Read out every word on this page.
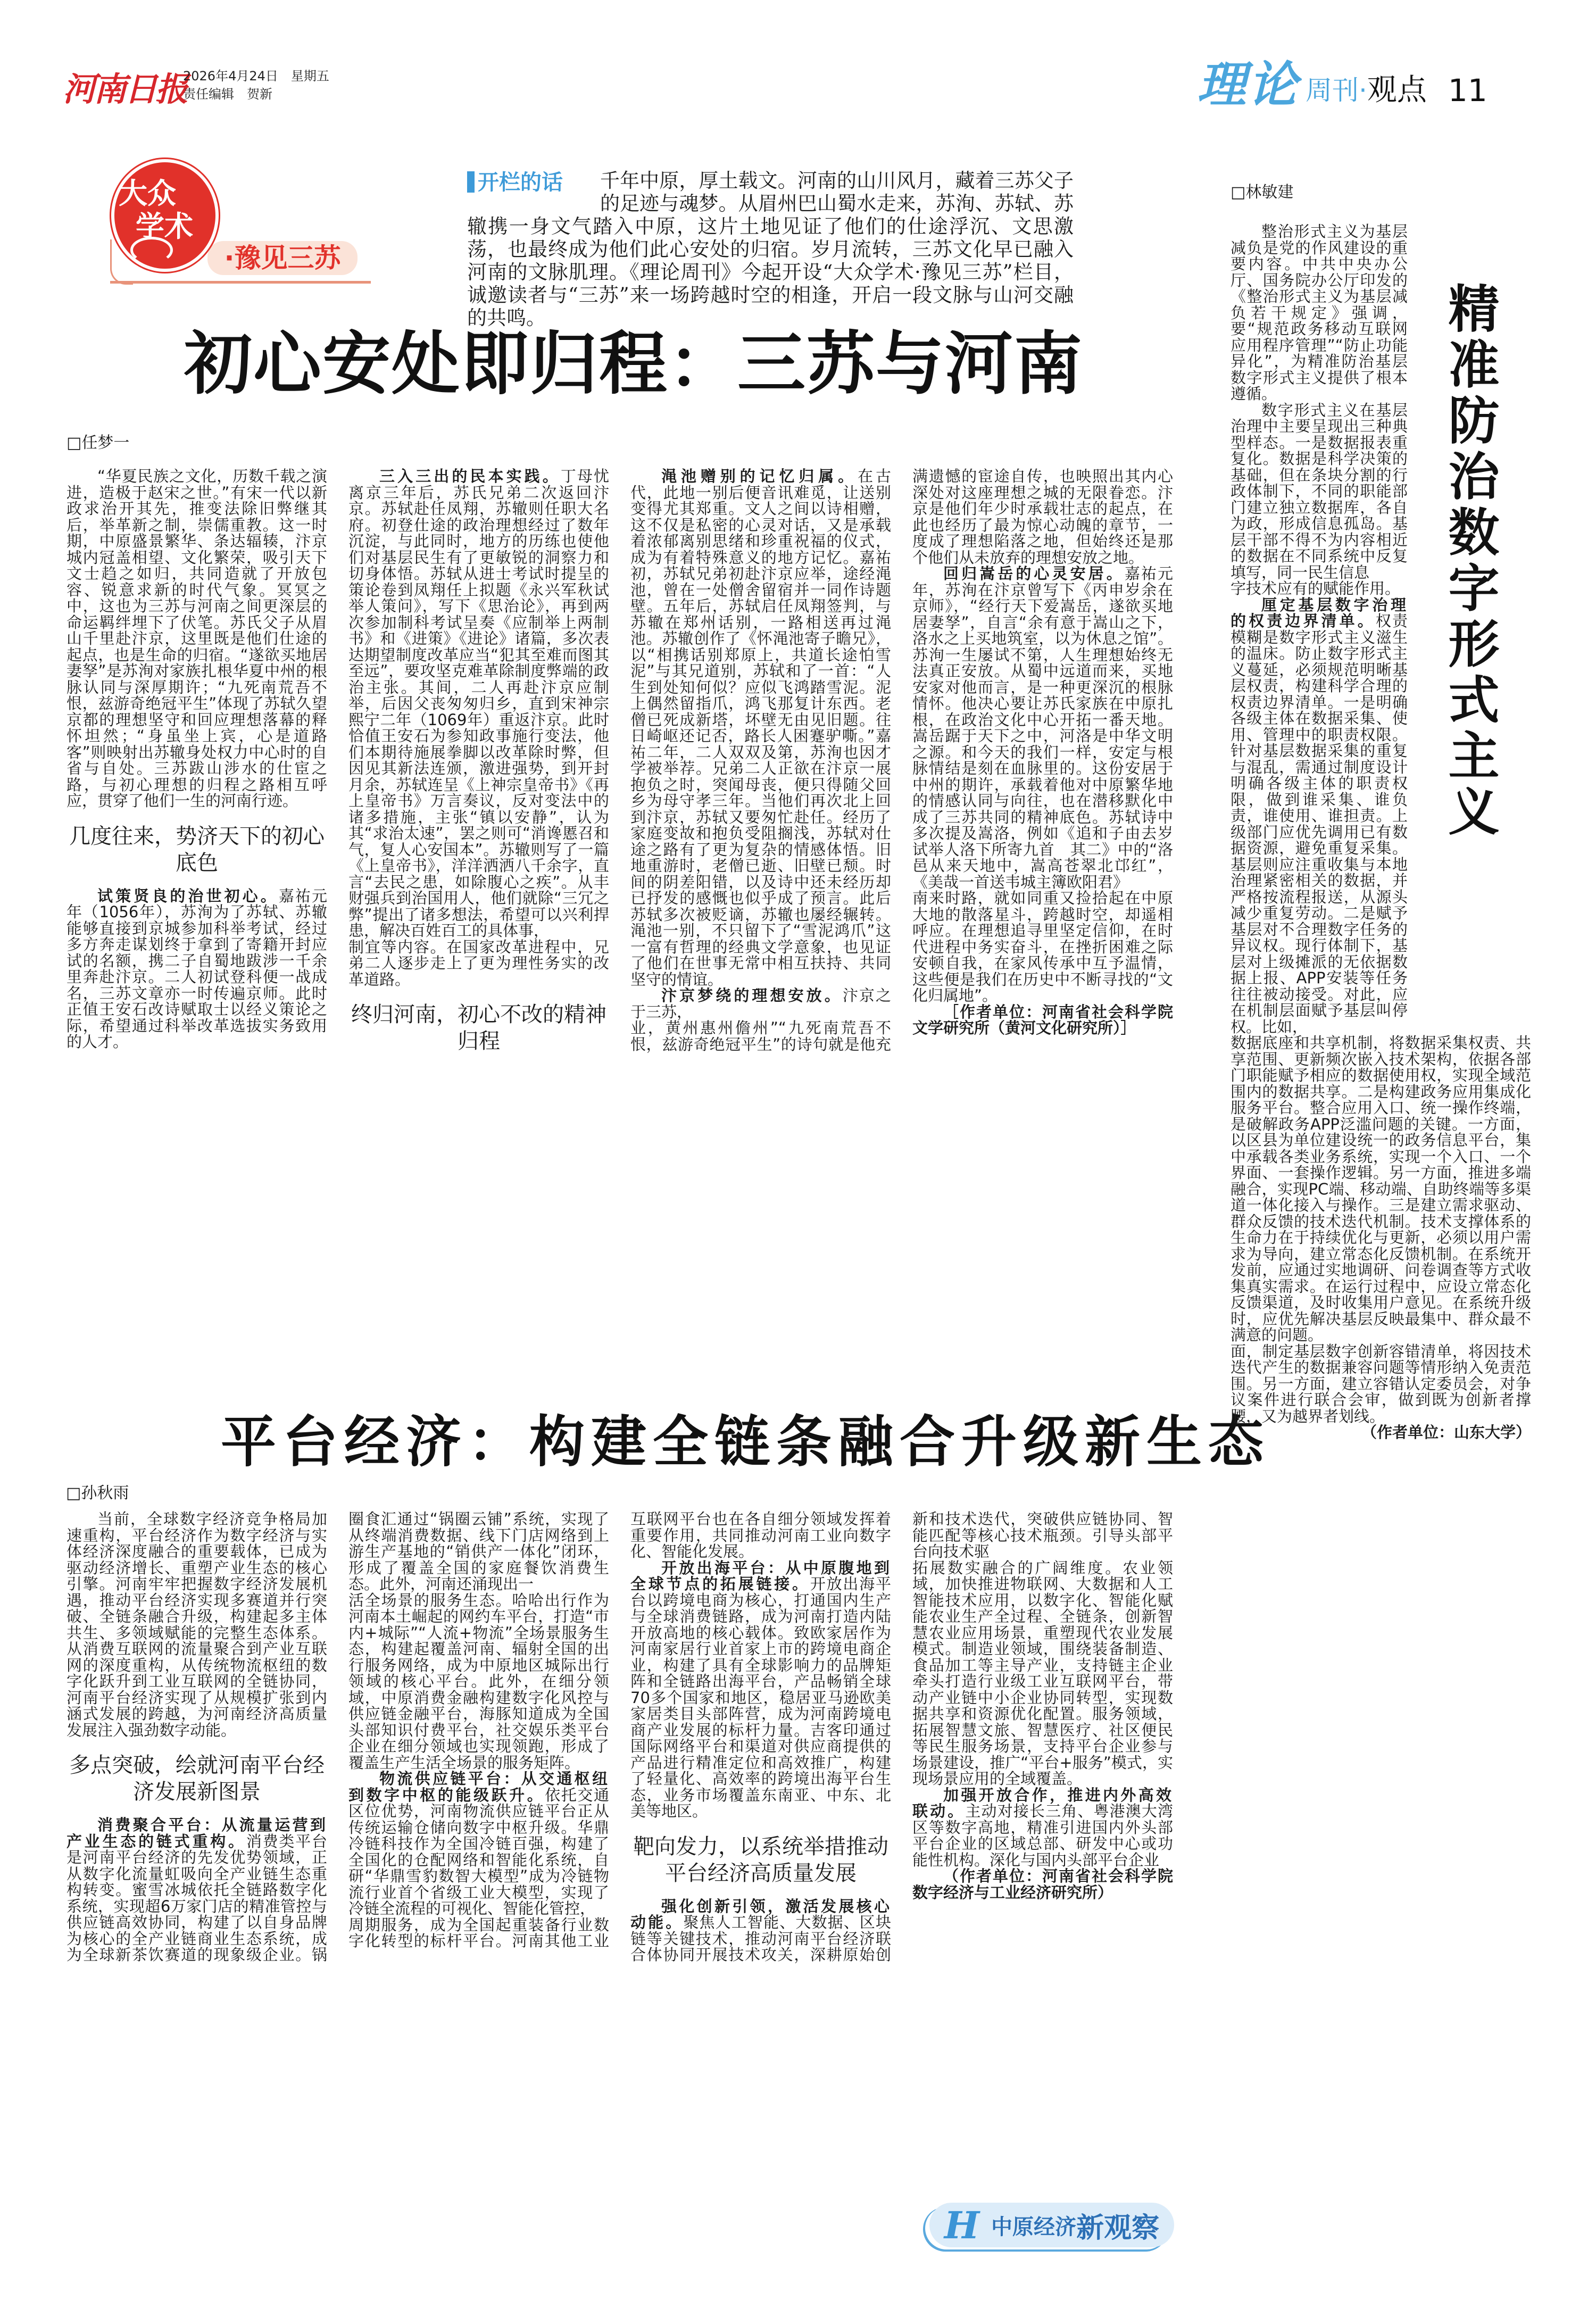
河南日报
2026年4月24日　星期五
责任编辑　贺新	理论 周刊· 观点 11
·豫见三苏
大众
学术
开栏的话	千年中原，厚土载文。河南的山川风月，藏着三苏父子的足迹与魂梦。从眉州巴山蜀水走来，苏洵、苏轼、苏辙携一身文气踏入中原，这片土地见证了他们的仕途浮沉、文思激荡，也最终成为他们此心安处的归宿。岁月流转，三苏文化早已融入河南的文脉肌理。《理论周刊》今起开设“大众学术·豫见三苏”栏目，诚邀读者与“三苏”来一场跨越时空的相逢，开启一段文脉与山河交融的共鸣。
初心安处即归程：三苏与河南
□任梦一

“华夏民族之文化，历数千载之演进，造极于赵宋之世。”有宋一代以新政求治开其先，推变法除旧弊继其后，举革新之制，崇儒重教。这一时期，中原盛景繁华、条达辐辏，汴京城内冠盖相望、文化繁荣，吸引天下文士趋之如归，共同造就了开放包容、锐意求新的时代气象。冥冥之中，这也为三苏与河南之间更深层的命运羁绊埋下了伏笔。苏氏父子从眉山千里赴汴京，这里既是他们仕途的起点，也是生命的归宿。“遂欲买地居妻孥”是苏洵对家族扎根华夏中州的根脉认同与深厚期许；“九死南荒吾不恨，兹游奇绝冠平生”体现了苏轼久望京都的理想坚守和回应理想落幕的释怀坦然；“身虽坐上宾，心是道路客”则映射出苏辙身处权力中心时的自省与自处。三苏跋山涉水的仕宦之路，与初心理想的归程之路相互呼应，贯穿了他们一生的河南行迹。

几度往来，势济天下的初心底色

试策贤良的治世初心。嘉祐元年（1056年），苏洵为了苏轼、苏辙能够直接到京城参加科举考试，经过多方奔走谋划终于拿到了寄籍开封应试的名额，携二子自蜀地跋涉一千余里奔赴汴京。二人初试登科便一战成名，三苏文章亦一时传遍京师。此时正值王安石改诗赋取士以经义策论之际，希望通过科举改革选拔实务致用的人才。

三入三出的民本实践。丁母忧离京三年后，苏氏兄弟二次返回汴京。苏轼赴任凤翔，苏辙则任职大名府。初登仕途的政治理想经过了数年沉淀，与此同时，地方的历练也使他们对基层民生有了更敏锐的洞察力和切身体悟。苏轼从进士考试时提呈的策论卷到凤翔任上拟题《永兴军秋试举人策问》，写下《思治论》，再到两次参加制科考试呈奏《应制举上两制书》和《进策》《进论》诸篇，多次表达期望制度改革应当“犯其至难而图其至远”，要攻坚克难革除制度弊端的政治主张。其间，二人再赴汴京应制举，后因父丧匆匆归乡，直到宋神宗熙宁二年（1069年）重返汴京。此时恰值王安石为参知政事施行变法，他们本期待施展拳脚以改革除时弊，但因见其新法连颁，激进强势，到开封月余，苏轼连呈《上神宗皇帝书》《再上皇帝书》万言奏议，反对变法中的诸多措施，主张“镇以安静”，认为其“求治太速”，罢之则可“消谗慝召和气，复人心安国本”。苏辙则写了一篇《上皇帝书》，洋洋洒洒八千余字，直言“去民之患，如除腹心之疾”。从丰财强兵到治国用人，他们就除“三冗之弊”提出了诸多想法，希望可以兴利捍患，解决百姓百工的具体事，

制宜等内容。在国家改革进程中，兄弟二人逐步走上了更为理性务实的改革道路。

终归河南，初心不改的精神归程

渑池赠别的记忆归属。在古代，此地一别后便音讯难觅，让送别变得尤其郑重。文人之间以诗相赠，这不仅是私密的心灵对话，又是承载着浓郁离别思绪和珍重祝福的仪式，成为有着特殊意义的地方记忆。嘉祐初，苏轼兄弟初赴汴京应举，途经渑池，曾在一处僧舍留宿并一同作诗题壁。五年后，苏轼启任凤翔签判，与苏辙在郑州话别，一路相送再过渑池。苏辙创作了《怀渑池寄子瞻兄》，以“相携话别郑原上，共道长途怕雪泥”与其兄道别，苏轼和了一首：“人生到处知何似？应似飞鸿踏雪泥。泥上偶然留指爪，鸿飞那复计东西。老僧已死成新塔，坏壁无由见旧题。往日崎岖还记否，路长人困蹇驴嘶。”嘉祐二年，二人双双及第，苏洵也因才学被举荐。兄弟二人正欲在汴京一展抱负之时，突闻母丧，便只得随父回乡为母守孝三年。当他们再次北上回到汴京，苏轼又要匆忙赴任。经历了家庭变故和抱负受阻搁浅，苏轼对仕途之路有了更为复杂的情感体悟。旧地重游时，老僧已逝、旧壁已颓。时间的阴差阳错，以及诗中还未经历却已抒发的感慨也似乎成了预言。此后苏轼多次被贬谪，苏辙也屡经辗转。渑池一别，不只留下了“雪泥鸿爪”这一富有哲理的经典文学意象，也见证了他们在世事无常中相互扶持、共同坚守的情谊。

汴京梦绕的理想安放。汴京之于三苏，

业，黄州惠州儋州”“九死南荒吾不恨，兹游奇绝冠平生”的诗句就是他充满遗憾的宦途自传，也映照出其内心深处对这座理想之城的无限眷恋。汴京是他们年少时承载壮志的起点，在此也经历了最为惊心动魄的章节，一度成了理想陷落之地，但始终还是那个他们从未放弃的理想安放之地。

回归嵩岳的心灵安居。嘉祐元年，苏洵在汴京曾写下《丙申岁余在京师》，“经行天下爱嵩岳，遂欲买地居妻孥”，自言“余有意于嵩山之下，洛水之上买地筑室，以为休息之馆”。苏洵一生屡试不第，人生理想始终无法真正安放。从蜀中远道而来，买地安家对他而言，是一种更深沉的根脉情怀。他决心要让苏氏家族在中原扎根，在政治文化中心开拓一番天地。嵩岳踞于天下之中，河洛是中华文明之源。和今天的我们一样，安定与根脉情结是刻在血脉里的。这份安居于中州的期许，承载着他对中原繁华地的情感认同与向往，也在潜移默化中成了三苏共同的精神底色。苏轼诗中多次提及嵩洛，例如《追和子由去岁试举人洛下所寄九首　其二》中的“洛邑从来天地中，嵩高苍翠北邙红”，《美哉一首送韦城主簿欧阳君》

南来时路，就如同重又捡拾起在中原大地的散落星斗，跨越时空，却遥相呼应。在理想追寻里坚定信仰，在时代进程中务实奋斗，在挫折困难之际安顿自我，在家风传承中互予温情，这些便是我们在历史中不断寻找的“文化归属地”。

［作者单位：河南省社会科学院文学研究所（黄河文化研究所）］

平台经济：构建全链条融合升级新生态
□孙秋雨

当前，全球数字经济竞争格局加速重构，平台经济作为数字经济与实体经济深度融合的重要载体，已成为驱动经济增长、重塑产业生态的核心引擎。河南牢牢把握数字经济发展机遇，推动平台经济实现多赛道并行突破、全链条融合升级，构建起多主体共生、多领域赋能的完整生态体系。从消费互联网的流量聚合到产业互联网的深度重构，从传统物流枢纽的数字化跃升到工业互联网的全链协同，河南平台经济实现了从规模扩张到内涵式发展的跨越，为河南经济高质量发展注入强劲数字动能。

多点突破，绘就河南平台经济发展新图景

消费聚合平台：从流量运营到产业生态的链式重构。消费类平台是河南平台经济的先发优势领域，正从数字化流量虹吸向全产业链生态重构转变。蜜雪冰城依托全链路数字化系统，实现超6万家门店的精准管控与供应链高效协同，构建了以自身品牌为核心的全产业链商业生态系统，成为全球新茶饮赛道的现象级企业。锅圈食汇通过“锅圈云铺”系统，实现了从终端消费数据、线下门店网络到上游生产基地的“销供产一体化”闭环，形成了覆盖全国的家庭餐饮消费生态。此外，河南还涌现出一

活全场景的服务生态。哈哈出行作为河南本土崛起的网约车平台，打造“市内+城际”“人流+物流”全场景服务生态，构建起覆盖河南、辐射全国的出行服务网络，成为中原地区城际出行领域的核心平台。此外，在细分领域，中原消费金融构建数字化风控与供应链金融平台，海豚知道成为全国头部知识付费平台，社交娱乐类平台企业在细分领域也实现领跑，形成了覆盖生产生活全场景的服务矩阵。

物流供应链平台：从交通枢纽到数字中枢的能级跃升。依托交通区位优势，河南物流供应链平台正从传统运输仓储向数字中枢升级。华鼎冷链科技作为全国冷链百强，构建了全国化的仓配网络和智能化系统，自研“华鼎雪豹数智大模型”成为冷链物流行业首个省级工业大模型，实现了冷链全流程的可视化、智能化管控，

周期服务，成为全国起重装备行业数字化转型的标杆平台。河南其他工业互联网平台也在各自细分领域发挥着重要作用，共同推动河南工业向数字化、智能化发展。

开放出海平台：从中原腹地到全球节点的拓展链接。开放出海平台以跨境电商为核心，打通国内生产与全球消费链路，成为河南打造内陆开放高地的核心载体。致欧家居作为河南家居行业首家上市的跨境电商企业，构建了具有全球影响力的品牌矩阵和全链路出海平台，产品畅销全球70多个国家和地区，稳居亚马逊欧美家居类目头部阵营，成为河南跨境电商产业发展的标杆力量。吉客印通过国际网络平台和渠道对供应商提供的产品进行精准定位和高效推广，构建了轻量化、高效率的跨境出海平台生态，业务市场覆盖东南亚、中东、北美等地区。

靶向发力，以系统举措推动平台经济高质量发展

强化创新引领，激活发展核心动能。聚焦人工智能、大数据、区块链等关键技术，推动河南平台经济联合体协同开展技术攻关，深耕原始创新和技术迭代，突破供应链协同、智能匹配等核心技术瓶颈。引导头部平台向技术驱

拓展数实融合的广阔维度。农业领域，加快推进物联网、大数据和人工智能技术应用，以数字化、智能化赋能农业生产全过程、全链条，创新智慧农业应用场景，重塑现代农业发展模式。制造业领域，围绕装备制造、食品加工等主导产业，支持链主企业牵头打造行业级工业互联网平台，带动产业链中小企业协同转型，实现数据共享和资源优化配置。服务领域，拓展智慧文旅、智慧医疗、社区便民等民生服务场景，支持平台企业参与场景建设，推广“平台+服务”模式，实现场景应用的全域覆盖。

加强开放合作，推进内外高效联动。主动对接长三角、粤港澳大湾区等数字高地，精准引进国内外头部平台企业的区域总部、研发中心或功能性机构。深化与国内头部平台企业

（作者单位：河南省社会科学院数字经济与工业经济研究所）

H 中原经济 新观察
□林敏建
精准防治数字形式主义

整治形式主义为基层减负是党的作风建设的重要内容。中共中央办公厅、国务院办公厅印发的《整治形式主义为基层减负若干规定》强调，要“规范政务移动互联网应用程序管理”“防止功能异化”，为精准防治基层数字形式主义提供了根本遵循。

数字形式主义在基层治理中主要呈现出三种典型样态。一是数据报表重复化。数据是科学决策的基础，但在条块分割的行政体制下，不同的职能部门建立独立数据库，各自为政，形成信息孤岛。基层干部不得不为内容相近的数据在不同系统中反复填写，同一民生信息

字技术应有的赋能作用。

厘定基层数字治理的权责边界清单。权责模糊是数字形式主义滋生的温床。防止数字形式主义蔓延，必须规范明晰基层权责，构建科学合理的权责边界清单。一是明确各级主体在数据采集、使用、管理中的职责权限。针对基层数据采集的重复与混乱，需通过制度设计明确各级主体的职责权限，做到谁采集、谁负责，谁使用、谁担责。上级部门应优先调用已有数据资源，避免重复采集。基层则应注重收集与本地治理紧密相关的数据，并严格按流程报送，从源头减少重复劳动。二是赋予基层对不合理数字任务的异议权。现行体制下，基层对上级摊派的无依据数据上报、APP安装等任务往往被动接受。对此，应在机制层面赋予基层叫停权。比如，

数据底座和共享机制，将数据采集权责、共享范围、更新频次嵌入技术架构，依据各部门职能赋予相应的数据使用权，实现全域范围内的数据共享。二是构建政务应用集成化服务平台。整合应用入口、统一操作终端，是破解政务APP泛滥问题的关键。一方面，以区县为单位建设统一的政务信息平台，集中承载各类业务系统，实现一个入口、一个界面、一套操作逻辑。另一方面，推进多端融合，实现PC端、移动端、自助终端等多渠道一体化接入与操作。三是建立需求驱动、群众反馈的技术迭代机制。技术支撑体系的生命力在于持续优化与更新，必须以用户需求为导向，建立常态化反馈机制。在系统开发前，应通过实地调研、问卷调查等方式收集真实需求。在运行过程中，应设立常态化反馈渠道，及时收集用户意见。在系统升级时，应优先解决基层反映最集中、群众最不满意的问题。

面，制定基层数字创新容错清单，将因技术迭代产生的数据兼容问题等情形纳入免责范围。另一方面，建立容错认定委员会，对争议案件进行联合会审，做到既为创新者撑腰，又为越界者划线。

（作者单位：山东大学）
